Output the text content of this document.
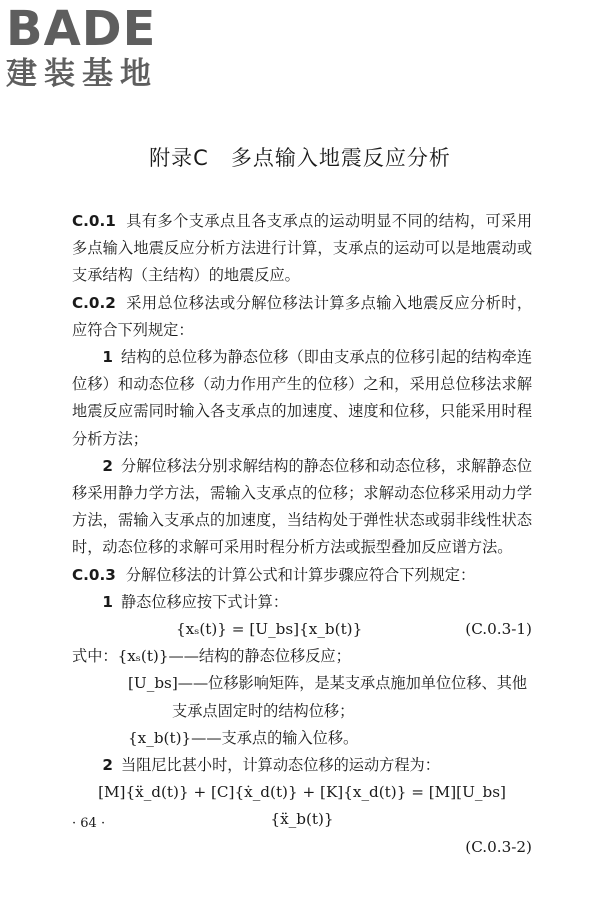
BADE
建装基地
附录C　多点输入地震反应分析

C.0.1 具有多个支承点且各支承点的运动明显不同的结构，可采用多点输入地震反应分析方法进行计算，支承点的运动可以是地震动或支承结构（主结构）的地震反应。

C.0.2 采用总位移法或分解位移法计算多点输入地震反应分析时，应符合下列规定：

1 结构的总位移为静态位移（即由支承点的位移引起的结构牵连位移）和动态位移（动力作用产生的位移）之和，采用总位移法求解地震反应需同时输入各支承点的加速度、速度和位移，只能采用时程分析方法；

2 分解位移法分别求解结构的静态位移和动态位移，求解静态位移采用静力学方法，需输入支承点的位移；求解动态位移采用动力学方法，需输入支承点的加速度，当结构处于弹性状态或弱非线性状态时，动态位移的求解可采用时程分析方法或振型叠加反应谱方法。

C.0.3 分解位移法的计算公式和计算步骤应符合下列规定：

1 静态位移应按下式计算：

{xₛ(t)} = [U_bs]{x_b(t)}	(C.0.3-1)
式中：{xₛ(t)}——结构的静态位移反应；
[U_bs]——位移影响矩阵，是某支承点施加单位位移、其他
支承点固定时的结构位移；
{x_b(t)}——支承点的输入位移。

2 当阻尼比甚小时，计算动态位移的运动方程为：

[M]{ẍ_d(t)} + [C]{ẋ_d(t)} + [K]{x_d(t)} = [M][U_bs]{ẍ_b(t)}
(C.0.3-2)
· 64 ·
